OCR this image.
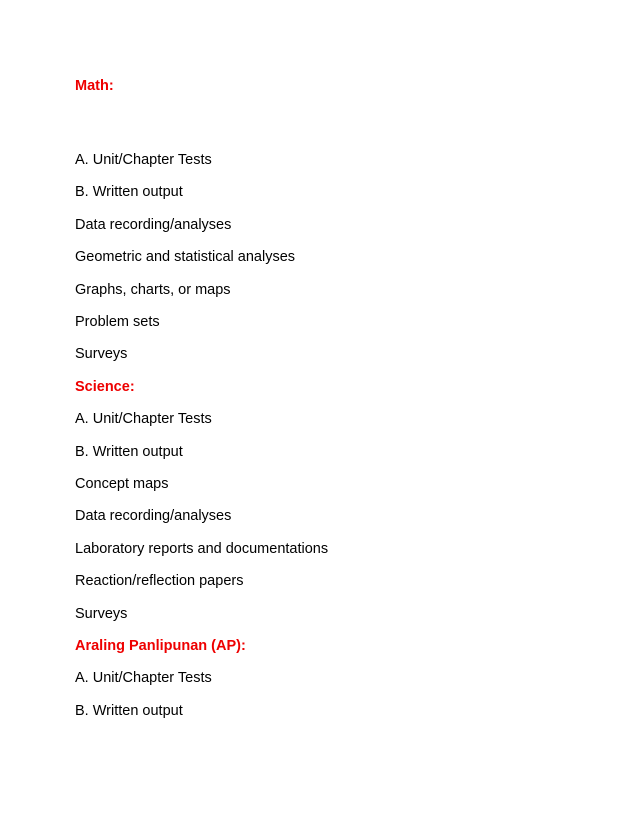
Math:

A. Unit/Chapter Tests

B. Written output

Data recording/analyses

Geometric and statistical analyses

Graphs, charts, or maps

Problem sets

Surveys

Science:

A. Unit/Chapter Tests

B. Written output

Concept maps

Data recording/analyses

Laboratory reports and documentations

Reaction/reflection papers

Surveys

Araling Panlipunan (AP):

A. Unit/Chapter Tests

B. Written output
